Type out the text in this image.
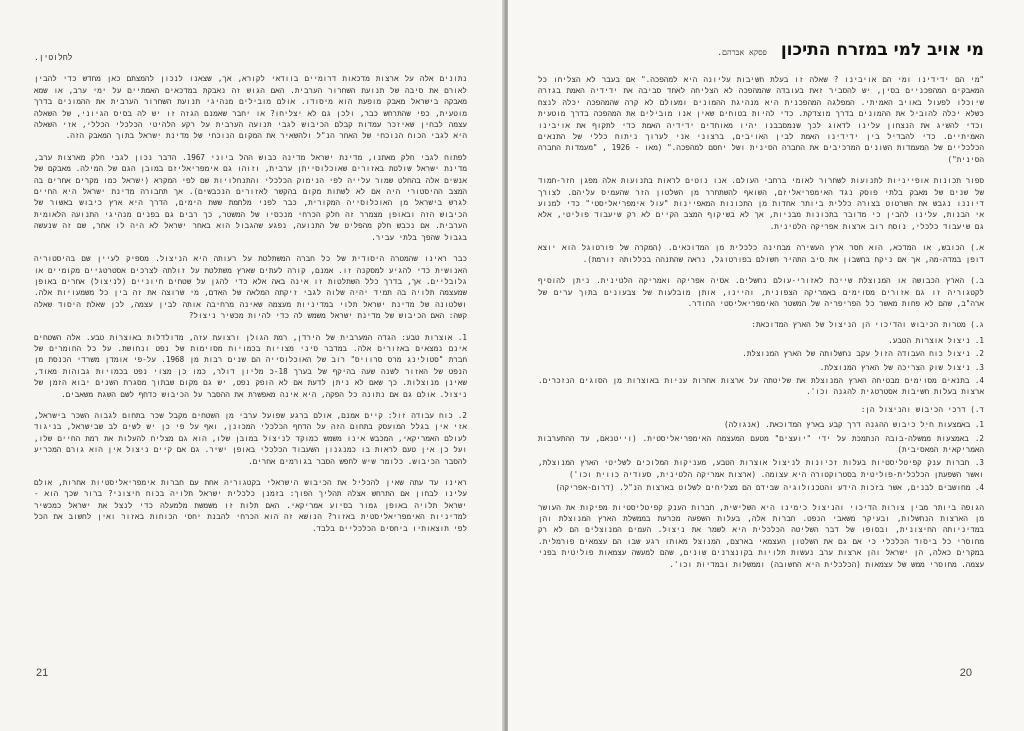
לחלוטין.

נתונים אלה על ארצות מדכאות דרומיים בוודאי לקורא, אך, שצאנו לנכון להמצתם כאן מחדש כדי להבין לאורם את סיבה של תנועת השחרור הערבית. האם הגוש זה נאבקת במדכאים האמתיים על ימי ערב, או שמא מאבקה בישראל מאבק מופעת הוא מיסודו. אולם מובילים מנהיגי תנועת השחרור הערבית את ההמונים בדרך מוטעית, כפי שהתרחש כבר, ולכן גם לא יצליחו? או יחבר שאמנם הגזה זו יש לה בסיס הגיוני, של השאלה עצמה לבחין שאיזכר עמדות קבלם הכיבוש לגבי תנועה הערבית על רקע הלהיטי הכלכלי הכללי, אזי השאלה היא לגבי הכוח הנוכחי של האחר הנ"ל ולהשאיר את המקום הנוכחי של מדינת ישראל בתוך המאבק הזה.

לפתוח לגבי חלק מאתנו, מדינת ישראל מדינה כבוש ההל ביוני 1967. הדבר נכון לגבי חלק מארצות ערב, מדינת ישראל שולטת באזורים שאוכלוסייתן ערבית, וזוהו גם אימפריאליזם במובן הגם של המילה. מאבקם של אנשים אלה בהחלט שמור עלייה לפי הנימוק הכלכלי והתנחלויות שם לפי המקרא (ישראל כמו מקרים אחרים בה המצב ההיסטורי היה אם לא לשתות מקום בהקשר לאזורים הנכבשים). אך תחבורה מדינת ישראל היא החיים לגרש בישראל מן האוכלוסייה המקורית, כבר לפני מלחמת ששת הימים, הדרך היא ארץ כיבוש באשור של הכיבוש הזה ובאופן מצמרר זה חלק הכרחי מנכסיו של המשטר, כך רבים גם בפנים מנהיגי התנועה הלאומית הערבית. אם נכבש חלק מהפליט של התנועה, נפגע שהגבול הוא באחר ישראל לא היה לו אחר, שם זה שנעשה בגבול שהפך בלתי עביר.

כבר ראינו שהמטרה היסודית של כל חברה המשתלטת על רעותה היא הניצול. מספיק לעיין שם בהיסטוריה האנושית כדי להגיע למסקנה זו. אמנם, קורה לעתים שארץ משתלטת על זולתה לצרכים אסטרטגיים מקומיים או גלובליים. אך, בדרך כלל השתלטות זו אינה באה אלא כדי להגן על שטחים חיוניים (לניצול) אחרים באופן שמעצמה תלויה בה תמיד יהיה שלוה לגבי זיקתה המלאה של האדם, מי שרוצה את זה בין כל משמעויות אלה. ושלטונה של מדינת ישראל תלוי במדיניות מעצמה שאינה מרחיבה אותה לבין עצמה, לכן שאלת היסוד שאלה קשה: האם הכיבוש של מדינת ישראל משמש לה כדי להיות מכשיר ניצול?

1. אוצרות טבע: הגדה המערבית של הירדן, רמת הגולן ורצועת עזה, מדולדלות באוצרות טבע. אלה השטחים אינם נמצאים באזורים אלה. במדבר סיני מצויות בכמויות מסוימות של נפט ונחושת. על כל החומרים של חברת "סטולינג מרס סרוויס" רוב של האוכלוסייה הם שנים רבות מן 1968. על-פי אומדן משרדי הכנסת מן הנפט של האזור לשנה שעה בהיקף של בערך 18-כ מליון דולר, כמו כן מצוי נפט בכמויות גבוהות מאוד, שאינן מנוצלות. כך שאם לא ניתן לדעת אם לא הופק נפט, יש גם מקום שבתוך מסגרת השנים יבוא הזמן של ניצול. אולם גם אם נתונה כל הפקה, היא אינה מאפשרת את ההסבר על הכיבוש כדחף לשם השגת משאבים.

2. כוח עבודה זול: קיים אמנם, אולם ברגע שפועל ערבי מן השטחים מקבל שכר בתחום לגבוה השכר בישראל, אזי אין בגלל המועסק בתחום הזה על הדחף הכלכלי המכונן, ואף על פי כן יש לשים לב שבישראל, בניגוד לעולם האמריקאי, המכבש אינו משמש כמוקד לניצול במובן שלו, הוא גם מצליח להעלות את רמת החיים שלו, ועל כן אין טעם לראות בו כמנגנון השעבוד הכלכלי באופן ישיר. גם אם קיים ניצול אין הוא גורם המכריע להסבר הכיבוש. כלומר שיש לחפש הסבר בגורמים אחרים.

ראינו עד עתה שאין להכליל את הכיבוש הישראלי בקטגוריה אחת עם חברות אימפריאליסטיות אחרות, אולם עלינו לבחון אם התרחש אצלה תהליך הפוך: בזמנן כלכלית ישראל תלויה בכוח חיצוני? ברור שכך הוא - ישראל תלויה באופן גמור בסיוע אמריקאי. האם תלות זו משמשת מלמעלה כדי לנצל את ישראל כמכשיר למדיניות האימפריאליסטית באזור? הנושא זה הוא הכרחי להבנת יחסי הכוחות באזור ואין לחשוב את הכל לפי תוצאותיו ביחסים הכלכליים בלבד.

21
מי אויב למי במזרח התיכון
פסקא אברהם.

"מי הם ידידינו ומי הם אויבינו ? שאלה זו בעלת חשיבות עליונה היא למהפכה." אם בעבר לא הצליחו כל המאבקים המהפכניים בסין, יש להסביר זאת בעובדה שהמהפכה לא הצליחה לאחד סביבה את ידידיה האמת בגזרה שיוכלו לפעול באויב האמיתי. המפלגה המהפכנית היא מנהיגת ההמונים ומעולם לא קרה שהמהפכה יכלה לנצח כשלא יכלה להוביל את ההמונים בדרך מוצדקת. כדי להיות בטוחים שאין אנו מובילים את המהפכה בדרך מוטעית וכדי להשיג את הנצחון עלינו לדאוג לכך שנמסבבנו יהיו מאוחדים ידידיה האמת כדי לתקוף את אויבינו האמיתיים. כדי להבדיל בין ידידינו האמת לבין האויבים, ברצוני אני לערוך ניתוח כללי של התנאים הכלכליים של המעמדות השונים המרכיבים את החברה הסינית ושל יחסם למהפכה." (מאו - 1926 , "מעמדות החברה הסינית")

ספור תכונות אופייניות לתנועות לשחרור לאומי ברחבי העולם. אנו נוטים לראות בתנועות אלה מפגן חזר-חמוד של שנים של מאבק בלתי פוסק נגד האימפריאליזם, השואף להשתחרר מן השלטון הזר שהעמיס עליהם. לצורך דיוננו נגבש את השרטוט בצורה כללית ביותר אחדות מן התכונות המאפיינות "עול אימפריאליסטי" כדי למנוע אי הבנות, עלינו להבין כי מדובר בתכונות מבניות, אך לא בשיקוף המצב הקיים לא רק שיעבוד פוליטי, אלא גם שיעבוד כלכלי, נוסח רוב ארצות אפריקה הלטינית.

א.) הכובש, או המדכא, הוא חסר ארץ העשירה מבחינה כלכלית מן המדוכאים. (המקרה של פורטוגל הוא יוצא דופן במדה-מה, אך אם ניקח בחשבון את סיב התהיר חשולם בפורטוגל, נראה שהתנהה בכללותה זורמת).

ב.) הארץ הכבושה או המנוצלת שייכת לאזורי-עולם נחשלים. אסיה אפריקה ואמריקה הלטינית. ניתן להוסיף לקטגוריה זו גם אזורים מסוימים באמריקה הצפונית, והיינו, אותן מובלעות של צבעונים בתוך ערים של ארה"ב, שהם לא פחות מאשר כל הפריפריה של המשטר האימפריאליסטי החודר.

ג.) מטרות הכיבוש והדיכוי הן הניצול של הארץ המדוכאת:
1. ניצול אוצרות הטבע.
2. ניצול כוח העבודה הזול עקב נחשלותה של הארץ המנוצלת.
3. ניצול שוק הצריכה של הארץ המנוצלת.
4. בתנאים מסוימים מבטיחה הארץ המנוצלת את שליטתה על ארצות אחרות עניות באוצרות מן הסוגים הנזכרים. ארצות בעלות חשיבות אסטרטגית להגנה וכו'.
ד.) דרכי הכיבוש והניצול הן:
1. באמצעות חיל כיבוש ההגנה דרך קבע בארץ המדוכאת. (אנגולה)
2. באמצעות ממשלה-בובה הנתמכת על ידי "יועצים" מטעם המעצמה האימפריאליסטית. (וייטנאם, עד ההתערבות האמריקאית המאסיבית)
3. חברות ענק קפיטליסטיות בעלות זכיונות לניצול אוצרות הטבע, מעניקות המלוכים לשליטי הארץ המנוצלת, ואשר השפעתן הכלכלית-פוליטית בסטרוקטורה היא עצומה. (ארצות אמריקה הלטינית, סעודיה כווית וכו')
4. מחושבים לבנים, אשר בזכות הידע והטכנולוגיה שבידם הם מצליחים לשלוט בארצות הנ"ל. (דרום-אפריקה)

הגופה ביותר מבין צורות הדיכוי והניצול כימינו היא השלישית, חברות הענק קפיטליסטיות מפיקות את העושר מן הארצות הנחשלות, ובעיקר משאבי הנפט. חברות אלה, בעלות השפעה מכרעת בממשלת הארץ המנוצלת והן במדיניותה החיצונית, ובסופו של דבר השליטה הכלכלית היא לשמר את ניצול. העמים המנוצלים הם לא רק מחוסרי כל ביסוד הכלכלי כי אם גם את השלטון העצמאי בארצם, המנוצל מאותו רגע שבו הם עצמאים פורמלית. במקרים כאלה, הן ישראל והן ארצות ערב נעשות תלויות בקונצרנים שונים, שהם למעשה עצמאות פוליטית בפני עצמה. מחוסרי ממש של עצמאות (הכלכלית היא החשובה) וממשלות ובמדיות וכו'.

20
